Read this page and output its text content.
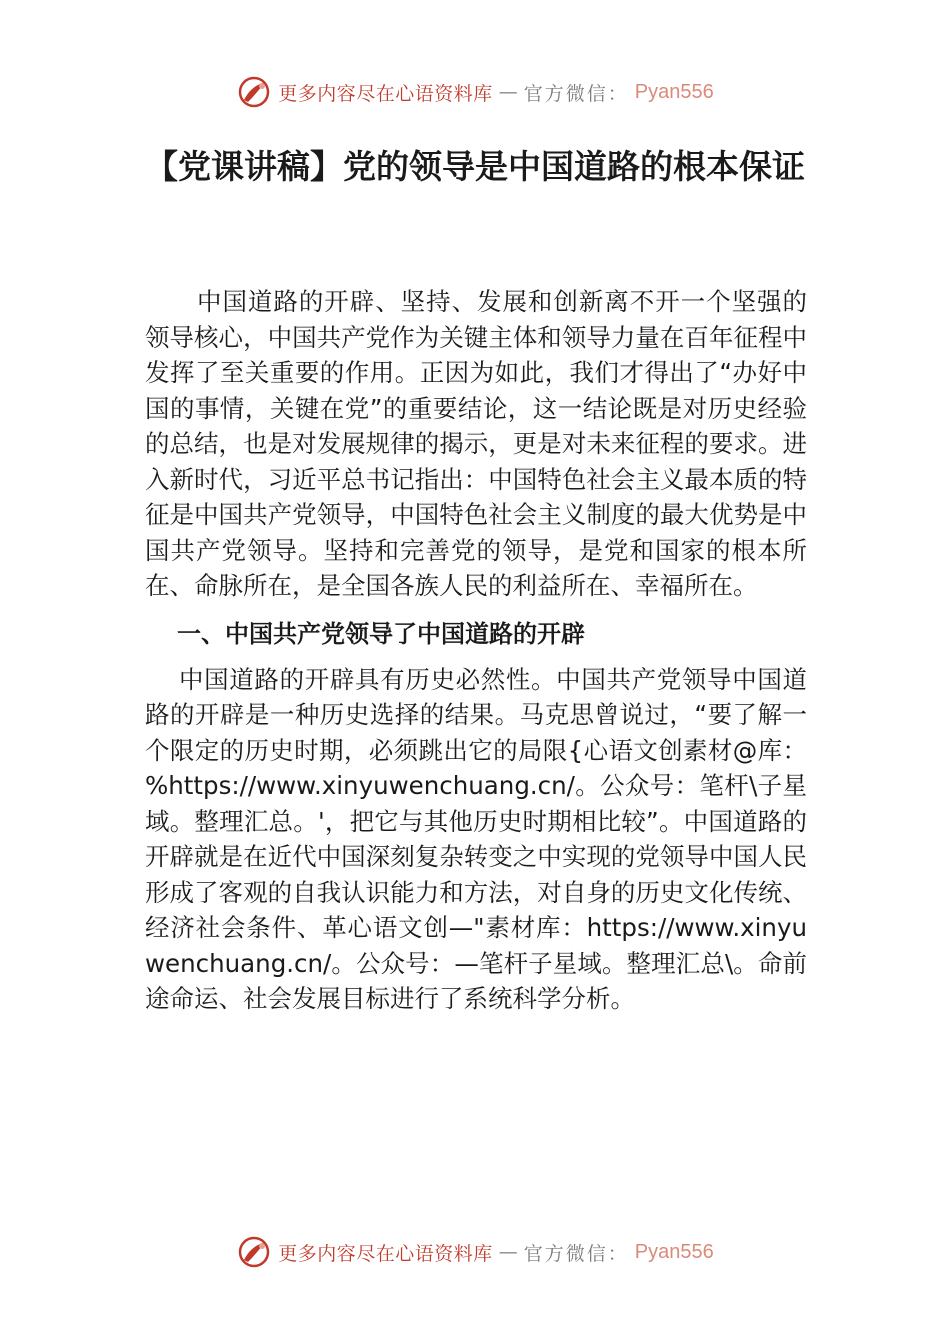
更多内容尽在心语资料库 — 官方微信： Pyan556
【党课讲稿】党的领导是中国道路的根本保证

中国道路的开辟、坚持、发展和创新离不开一个坚强的领导核心，中国共产党作为关键主体和领导力量在百年征程中发挥了至关重要的作用。正因为如此，我们才得出了“办好中国的事情，关键在党”的重要结论，这一结论既是对历史经验的总结，也是对发展规律的揭示，更是对未来征程的要求。进入新时代，习近平总书记指出：中国特色社会主义最本质的特征是中国共产党领导，中国特色社会主义制度的最大优势是中国共产党领导。坚持和完善党的领导，是党和国家的根本所在、命脉所在，是全国各族人民的利益所在、幸福所在。

一、中国共产党领导了中国道路的开辟

中国道路的开辟具有历史必然性。中国共产党领导中国道路的开辟是一种历史选择的结果。马克思曾说过，“要了解一个限定的历史时期，必须跳出它的局限{心语文创素材@库：%https://www.xinyuwenchuang.cn/。公众号：笔杆\子星域。整理汇总。'，把它与其他历史时期相比较”。中国道路的开辟就是在近代中国深刻复杂转变之中实现的党领导中国人民形成了客观的自我认识能力和方法，对自身的历史文化传统、经济社会条件、革心语文创—"素材库：https://www.xinyuwenchuang.cn/。公众号：—笔杆子星域。整理汇总\。命前途命运、社会发展目标进行了系统科学分析。

更多内容尽在心语资料库 — 官方微信： Pyan556
